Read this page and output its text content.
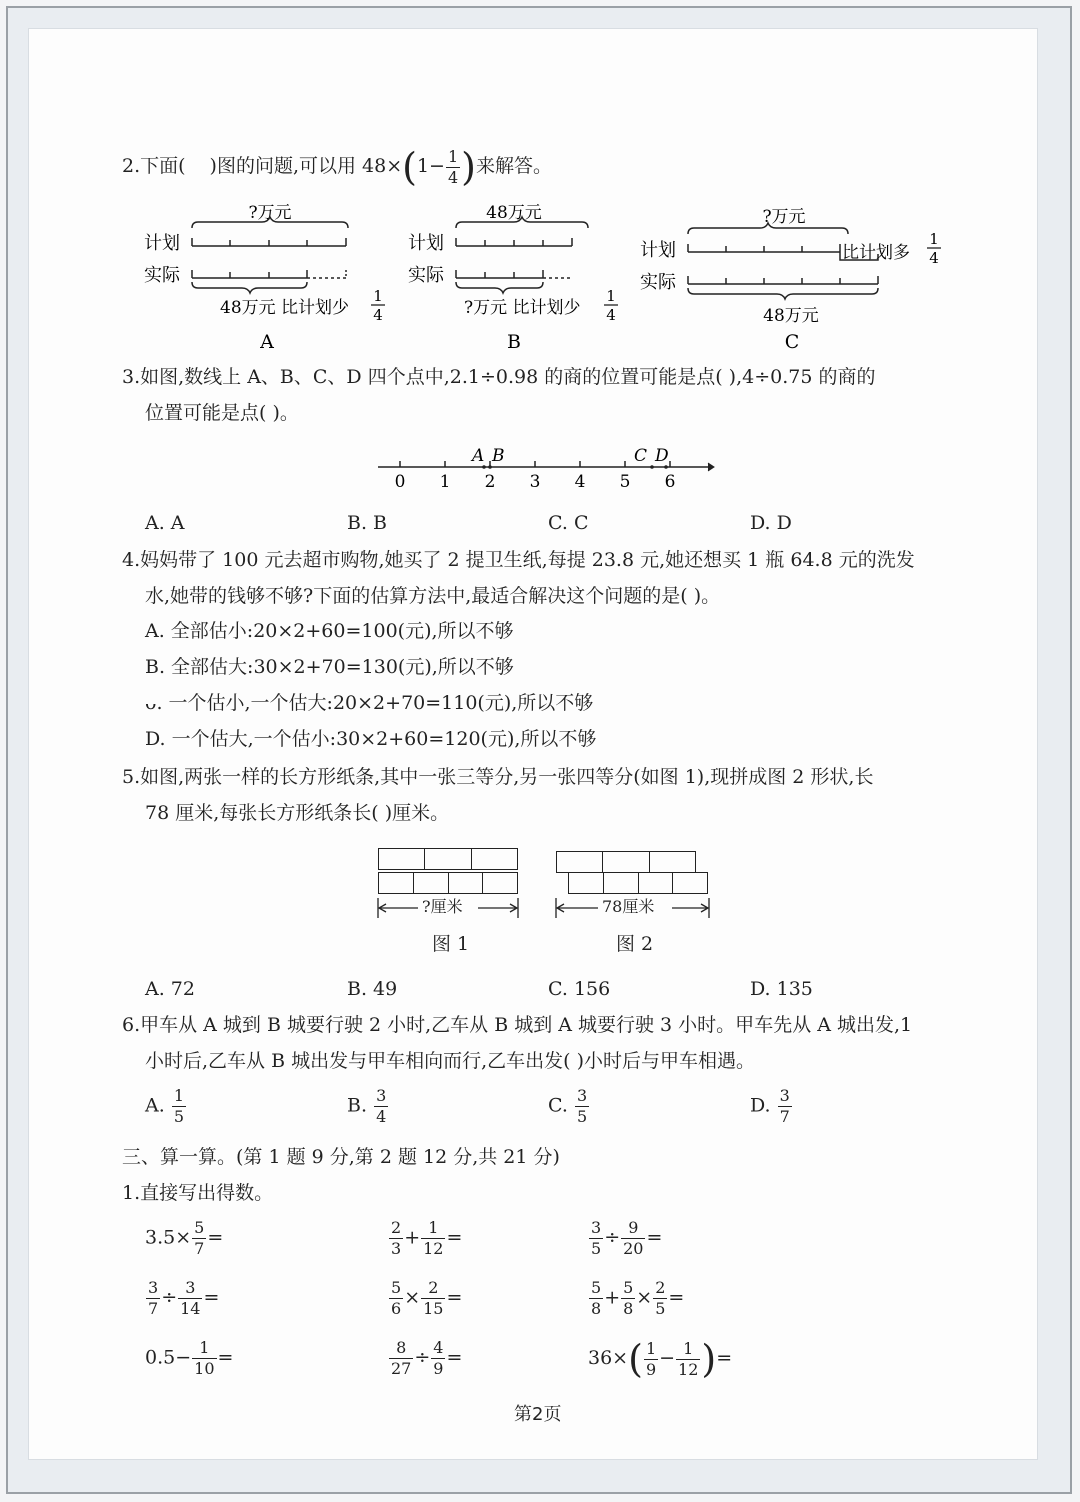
2.下面( )图的问题,可以用 $48\times(1- \frac{1}{4}$ )来解答。
?万元
计划
实际
48万元 比计划少
1
4
A
48万元
计划
实际
?万元 比计划少
1
4
B
?万元
计划	比计划多
1
4
实际
48万元
C
3.如图,数线上 A、B、C、D 四个点中,2.1÷0.98 的商的位置可能是点( ),4÷0.75 的商的
位置可能是点( )。
0 1 2 3 4 5 6
A B	C D
A. A	B. B	C. C	D. D
4.妈妈带了 100 元去超市购物,她买了 2 提卫生纸,每提 23.8 元,她还想买 1 瓶 64.8 元的洗发
水,她带的钱够不够?下面的估算方法中,最适合解决这个问题的是( )。
A. 全部估小:20×2+60=100(元),所以不够
B. 全部估大:30×2+70=130(元),所以不够
ᴗ. 一个估小,一个估大:20×2+70=110(元),所以不够
D. 一个估大,一个估小:30×2+60=120(元),所以不够
5.如图,两张一样的长方形纸条,其中一张三等分,另一张四等分(如图 1),现拼成图 2 形状,长
78 厘米,每张长方形纸条长( )厘米。
?厘米
图 1
78厘米
图 2
A. 72	B. 49	C. 156	D. 135
6.甲车从 A 城到 B 城要行驶 2 小时,乙车从 B 城到 A 城要行驶 3 小时。甲车先从 A 城出发,1
小时后,乙车从 B 城出发与甲车相向而行,乙车出发( )小时后与甲车相遇。
A. $\frac{1}{5}$	B. $\frac{3}{4}$	C. $\frac{3}{5}$	D. $\frac{3}{7}$
三、算一算。(第 1 题 9 分,第 2 题 12 分,共 21 分)
1.直接写出得数。
$3.5\times \frac{5}{7}$ =	$\frac{2}{3} + \frac{1}{12}$ =	$\frac{3}{5} \div \frac{9}{20}$ =
$\frac{3}{7} \div \frac{3}{14}$ =	$\frac{5}{6} \times \frac{2}{15}$ =	$\frac{5}{8} + \frac{5}{8} \times \frac{2}{5}$ =
$0.5- \frac{1}{10}$ =	$\frac{8}{27} \div \frac{4}{9}$ =	$36\times( \frac{1}{9} - \frac{1}{12}$ )=
第2页
